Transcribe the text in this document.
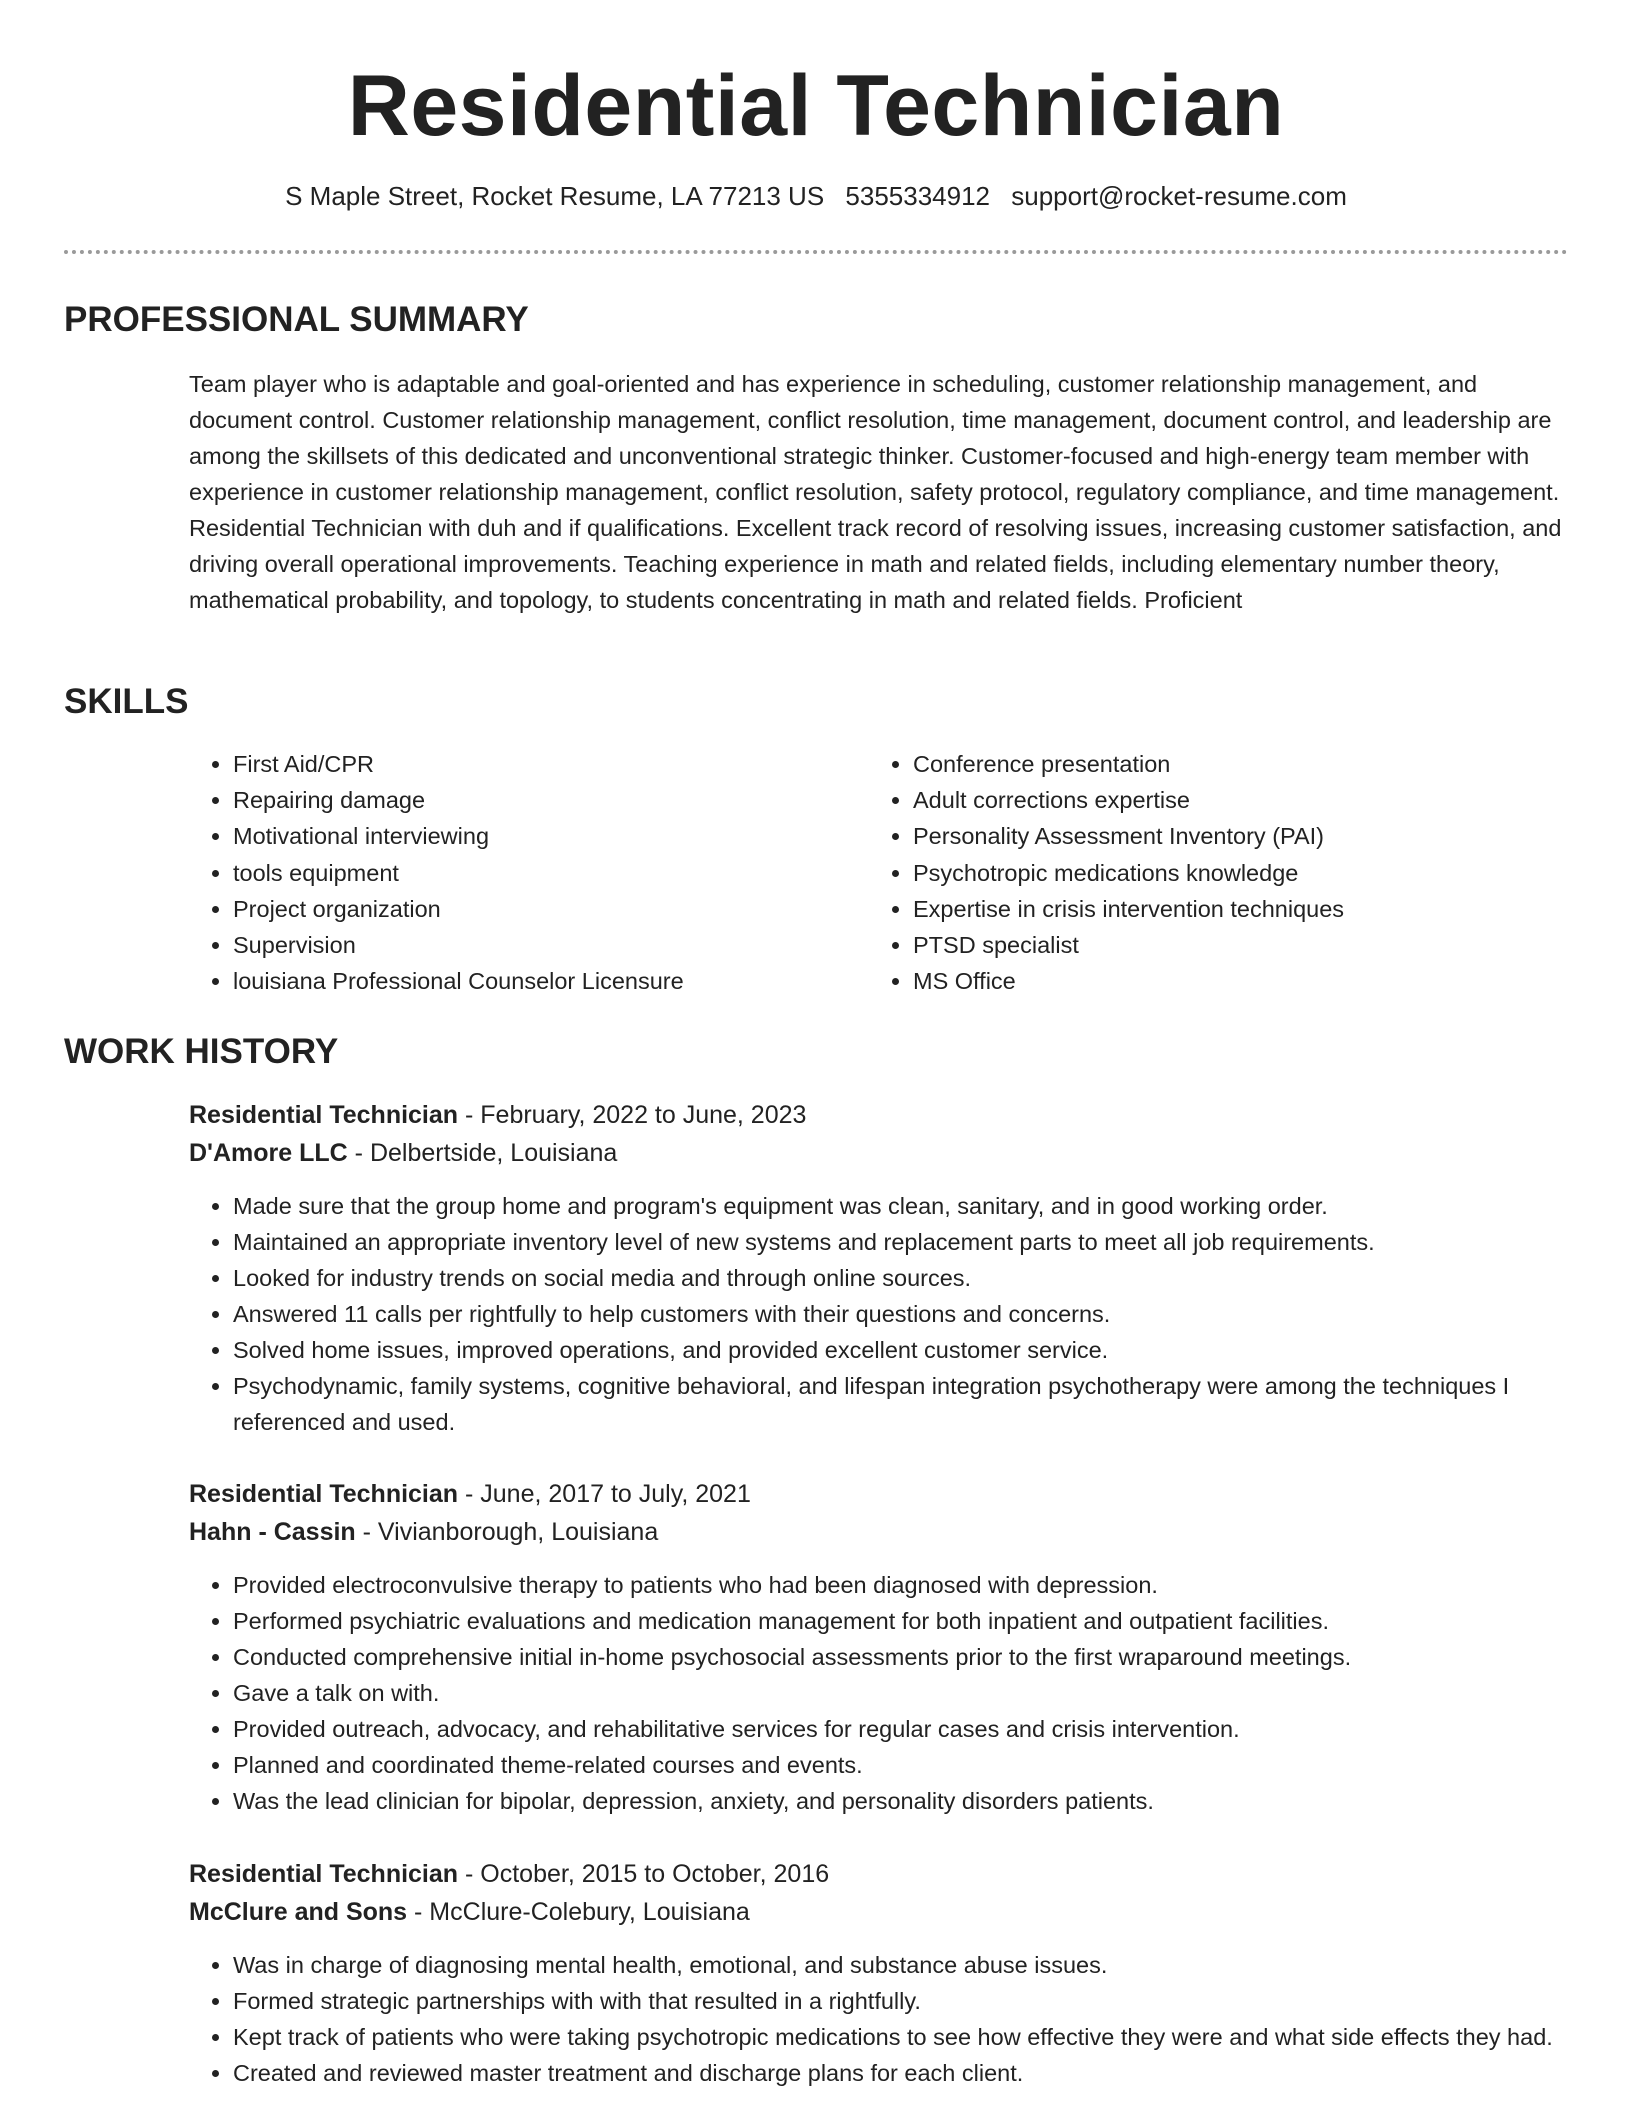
Residential Technician
S Maple Street, Rocket Resume, LA 77213 US 5355334912 support@rocket-resume.com
PROFESSIONAL SUMMARY

Team player who is adaptable and goal-oriented and has experience in scheduling, customer relationship management, and document control. Customer relationship management, conflict resolution, time management, document control, and leadership are among the skillsets of this dedicated and unconventional strategic thinker. Customer-focused and high-energy team member with experience in customer relationship management, conflict resolution, safety protocol, regulatory compliance, and time management. Residential Technician with duh and if qualifications. Excellent track record of resolving issues, increasing customer satisfaction, and driving overall operational improvements. Teaching experience in math and related fields, including elementary number theory, mathematical probability, and topology, to students concentrating in math and related fields. Proficient

SKILLS
• First Aid/CPR
• Repairing damage
• Motivational interviewing
• tools equipment
• Project organization
• Supervision
• louisiana Professional Counselor Licensure
• Conference presentation
• Adult corrections expertise
• Personality Assessment Inventory (PAI)
• Psychotropic medications knowledge
• Expertise in crisis intervention techniques
• PTSD specialist
• MS Office
WORK HISTORY

Residential Technician - February, 2022 to June, 2023

D'Amore LLC - Delbertside, Louisiana

• Made sure that the group home and program's equipment was clean, sanitary, and in good working order.
• Maintained an appropriate inventory level of new systems and replacement parts to meet all job requirements.
• Looked for industry trends on social media and through online sources.
• Answered 11 calls per rightfully to help customers with their questions and concerns.
• Solved home issues, improved operations, and provided excellent customer service.
• Psychodynamic, family systems, cognitive behavioral, and lifespan integration psychotherapy were among the techniques I referenced and used.

Residential Technician - June, 2017 to July, 2021

Hahn - Cassin - Vivianborough, Louisiana

• Provided electroconvulsive therapy to patients who had been diagnosed with depression.
• Performed psychiatric evaluations and medication management for both inpatient and outpatient facilities.
• Conducted comprehensive initial in-home psychosocial assessments prior to the first wraparound meetings.
• Gave a talk on with.
• Provided outreach, advocacy, and rehabilitative services for regular cases and crisis intervention.
• Planned and coordinated theme-related courses and events.
• Was the lead clinician for bipolar, depression, anxiety, and personality disorders patients.

Residential Technician - October, 2015 to October, 2016

McClure and Sons - McClure-Colebury, Louisiana

• Was in charge of diagnosing mental health, emotional, and substance abuse issues.
• Formed strategic partnerships with with that resulted in a rightfully.
• Kept track of patients who were taking psychotropic medications to see how effective they were and what side effects they had.
• Created and reviewed master treatment and discharge plans for each client.
